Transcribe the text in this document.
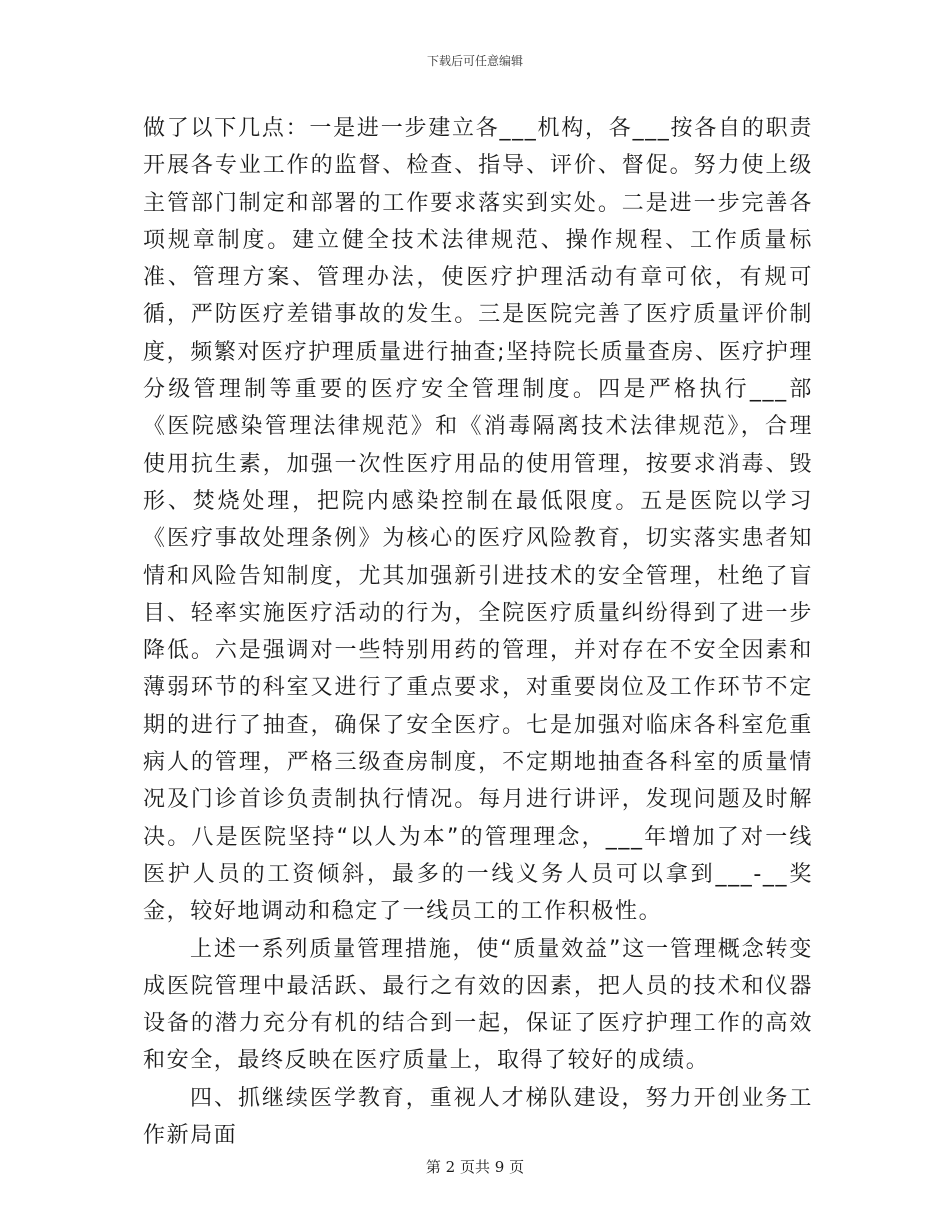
下载后可任意编辑

做了以下几点：一是进一步建立各___机构，各___按各自的职责开展各专业工作的监督、检查、指导、评价、督促。努力使上级主管部门制定和部署的工作要求落实到实处。二是进一步完善各项规章制度。建立健全技术法律规范、操作规程、工作质量标准、管理方案、管理办法，使医疗护理活动有章可依，有规可循，严防医疗差错事故的发生。三是医院完善了医疗质量评价制度，频繁对医疗护理质量进行抽查;坚持院长质量查房、医疗护理分级管理制等重要的医疗安全管理制度。四是严格执行___部《医院感染管理法律规范》和《消毒隔离技术法律规范》，合理使用抗生素，加强一次性医疗用品的使用管理，按要求消毒、毁形、焚烧处理，把院内感染控制在最低限度。五是医院以学习《医疗事故处理条例》为核心的医疗风险教育，切实落实患者知情和风险告知制度，尤其加强新引进技术的安全管理，杜绝了盲目、轻率实施医疗活动的行为，全院医疗质量纠纷得到了进一步降低。六是强调对一些特别用药的管理，并对存在不安全因素和薄弱环节的科室又进行了重点要求，对重要岗位及工作环节不定期的进行了抽查，确保了安全医疗。七是加强对临床各科室危重病人的管理，严格三级查房制度，不定期地抽查各科室的质量情况及门诊首诊负责制执行情况。每月进行讲评，发现问题及时解决。八是医院坚持“以人为本”的管理理念，___年增加了对一线医护人员的工资倾斜，最多的一线义务人员可以拿到___-__奖金，较好地调动和稳定了一线员工的工作积极性。

上述一系列质量管理措施，使“质量效益”这一管理概念转变成医院管理中最活跃、最行之有效的因素，把人员的技术和仪器设备的潜力充分有机的结合到一起，保证了医疗护理工作的高效和安全，最终反映在医疗质量上，取得了较好的成绩。

四、抓继续医学教育，重视人才梯队建设，努力开创业务工作新局面

第 2 页共 9 页
